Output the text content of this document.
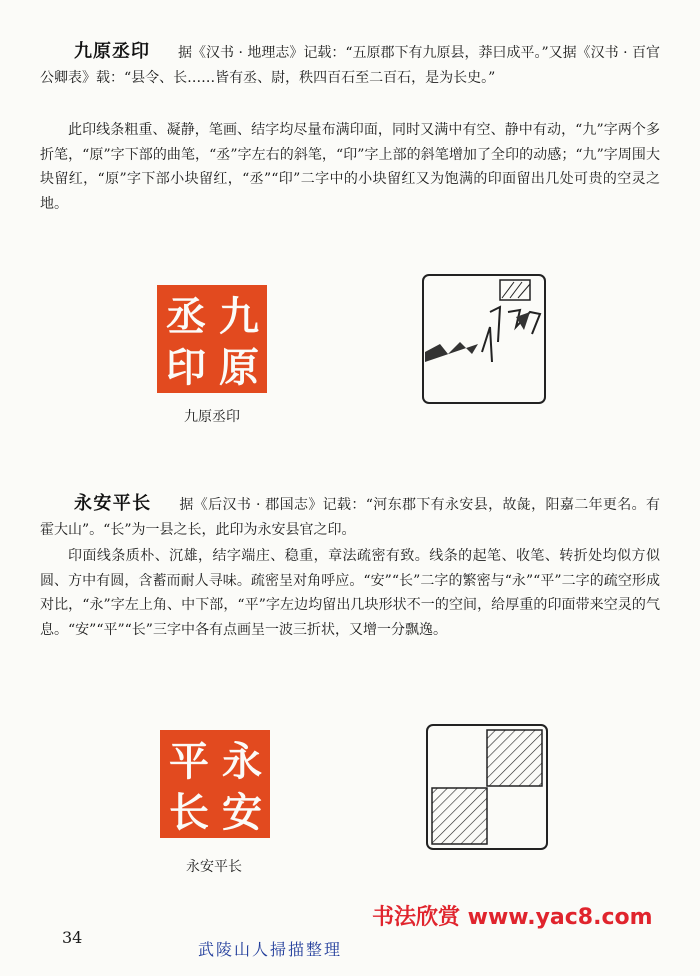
九原丞印 据《汉书 · 地理志》记载：“五原郡下有九原县，莽曰成平。”又据《汉书 · 百官公卿表》载：“县令、长……皆有丞、尉，秩四百石至二百石，是为长史。”
此印线条粗重、凝静，笔画、结字均尽量布满印面，同时又满中有空、静中有动，“九”字两个多折笔，“原”字下部的曲笔，“丞”字左右的斜笔，“印”字上部的斜笔增加了全印的动感；“九”字周围大块留红，“原”字下部小块留红，“丞”“印”二字中的小块留红又为饱满的印面留出几处可贵的空灵之地。
九
原
丞
印
九原丞印
永安平长 据《后汉书 · 郡国志》记载：“河东郡下有永安县，故彘，阳嘉二年更名。有霍大山”。“长”为一县之长，此印为永安县官之印。
印面线条质朴、沉雄，结字端庄、稳重，章法疏密有致。线条的起笔、收笔、转折处均似方似圆、方中有圆，含蓄而耐人寻味。疏密呈对角呼应。“安”“长”二字的繁密与“永”“平”二字的疏空形成对比，“永”字左上角、中下部，“平”字左边均留出几块形状不一的空间，给厚重的印面带来空灵的气息。“安”“平”“长”三字中各有点画呈一波三折状，又增一分飘逸。
永
安
平
长
永安平长
34
武陵山人掃描整理
书法欣赏 www.yac8.com
